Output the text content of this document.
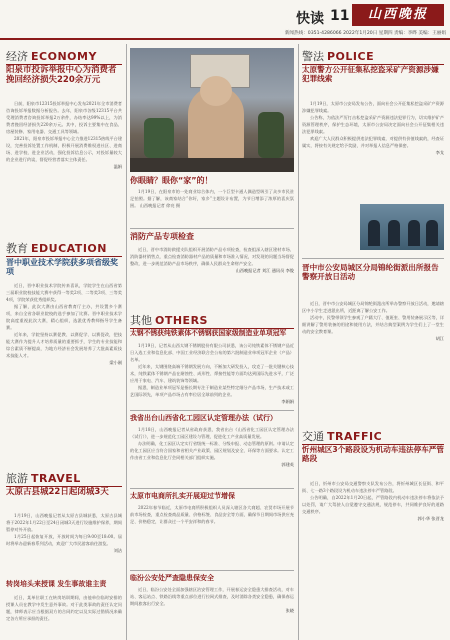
快读 11	山西晚报
新闻热线：0351-4286066 2022年1月20日 星期四 责编：李晔 美编：王丽娟
经济 ECONOMY
阳泉市投诉举报中心为消费者挽回经济损失220余万元

日前，阳泉市12315投诉举报中心发布2021年全市消费者咨询投诉举报数据分析报告。去年，阳泉市各级12315平台共受理消费者咨询投诉举报2万余件，办结率达99%以上，为消费者挽回经济损失220余万元。其中，投诉主要集中在食品、房屋装修、家用电器、交通工具等领域。

2021年，阳泉市投诉举报中心全力推进12315热线平台建设，完善投诉处置工作机制，积极开展消费维权进社区、进商场、进学校、进企业活动，强化投诉信息公示，对投诉量较大的企业进行约谈，督促经营者落实主体责任。

温娟
教育 EDUCATION
晋中职业技术学院获多项省级奖项

近日，晋中职业技术学院传来喜讯，学院学生在山西省第三届职业院校技能大赛中获得一等奖2项、二等奖3项、三等奖4项，学院荣获优秀组织奖。

据了解，此次大赛由山西省教育厅主办，共设置多个赛项，来自全省各职业院校的选手参加了比赛。晋中职业技术学院高度重视此次大赛，精心组织，选派优秀教师指导学生备赛。

近年来，学院坚持以赛促教、以赛促学、以赛促改，把技能大赛作为提升人才培养质量的重要抓手，学生的专业技能和综合素质不断提高，为地方经济社会发展培养了大批高素质技术技能人才。

梁小刚
旅游 TRAVEL
太原古县城22日起闭城3天

1月19日，山西晚报记者从太原古县城获悉，太原古县城将于2022年1月22日至24日闭城3天进行设施维护保养，期间暂停对外开放。

1月25日起恢复开放，开放时间为每日9:00至18:00。届时将举办迎新春系列活动，欢迎广大市民游客前往游览。

刘洁
转岗培头来授课 发生事故谁主责

近日，某单位职工在转岗培训期间，由他单位临时安排的授课人员在教学中发生意外事故。对于此类事故的责任认定问题，律师表示应当根据双方的合同约定以及实际过错情况来确定各方所应承担的责任。

你眼睛？眼你“家”的！

1月19日，在阳泉市的一处商业综合体内，一个巨型卡通人偶造型吸引了众多市民驻足拍照。据了解，该商家结合“你好，家乡”主题设计布置，为节日增添了浓厚的喜庆氛围。 山西晚报记者 徐亮 摄

消防产品专项检查

近日，晋中市消防救援支队组织开展消防产品专项检查，检查组深入辖区建材市场、消防器材销售点，重点检查消防器材产品的质量和市场准入情况，对发现的问题当场督促整改，进一步规范消防产品市场秩序，确保人民群众生命财产安全。

山西晚报记者 刘江 通讯员 李俊
其他 OTHERS
太钢不锈获纯铁素体不锈钢获国家级制造业单项冠军

1月19日，记者从山西太钢不锈钢股份有限公司获悉，该公司纯铁素体不锈钢产品近日入选工业和信息化部、中国工业经济联合会公布的第六批制造业单项冠军企业（产品）名单。

近年来，太钢围绕高端不锈钢发展方向，不断加大研发投入，攻克了一批关键核心技术，纯铁素体不锈钢产品在耐蚀性、成形性、焊接性能等方面均达到国际先进水平，广泛应用于家电、汽车、建筑装饰等领域。

据悉，制造业单项冠军是指长期专注于制造业某些特定细分产品市场，生产技术或工艺国际领先，单项产品市场占有率位居全球前列的企业。

李娟娟
我省出台山西省化工园区认定管理办法（试行）

1月18日，山西晚报记者从省政府获悉，我省出台《山西省化工园区认定管理办法（试行）》，进一步规范化工园区建设与管理，促进化工产业高质量发展。

办法明确，化工园区认定实行省级统一标准、分级申报、动态管理的原则。申请认定的化工园区应当符合国家和省相关产业政策、园区规划及安全、环保等方面要求。认定工作由省工业和信息化厅会同相关部门组织实施。

郭建英
太原市电商所扎实开展迎过节增保

2022年春节临近，太原市电商所积极组织人员深入辖区各大商超、农贸市场开展节前市场检查，重点检查商品质量、价格标签、食品安全等方面，确保节日期间市场供应充足、价格稳定，让群众过一个平安祥和的春节。

临汾公安处严查隐患保安全

近日，临汾公安处全面加强辖区治安管理工作，开展春运安全隐患大排查活动，对车站、客运站点、铁路沿线等重点部位进行拉网式排查，及时消除各类安全隐患，确保春运期间旅客出行安全。

张晓
警法 POLICE
太原警方公开征集私挖盗采矿产资源涉嫌犯罪线索

1月19日，太原市公安局发布公告，面向社会公开征集私挖盗采矿产资源涉嫌犯罪线索。

公告称，为依法严厉打击私挖盗采矿产资源违法犯罪行为，切实维护矿产资源管理秩序，保护生态环境，太原市公安局决定面向社会公开征集相关违法犯罪线索。

欢迎广大人民群众积极提供违法犯罪线索，对提供有价值线索的，经查证属实，将按有关规定给予奖励，并对举报人信息严格保密。

李戈
晋中市公安局城区分局锦纶街派出所报告警察开放日活动

近日，晋中市公安局城区分局锦纶街派出所举办警察开放日活动，邀请辖区中小学生走进派出所，近距离了解公安工作。

活动中，民警带领学生参观了户籍大厅、值班室、警用装备展示区等，详细讲解了警用装备的用途和使用方法，并结合典型案例为学生们上了一堂生动的安全教育课。

胡江
交通 TRAFFIC
忻州城区3个路段设为机动车违法停车严管路段

近日，忻州市公安局交通警察支队发布公告，将忻州城区长征街、和平街、七一路3个路段设为机动车违法停车严管路段。

公告明确，自2022年1月20日起，严管路段内机动车违法停车将依法予以处罚，请广大驾驶人自觉遵守交通法规，规范停车，共同维护良好的道路交通秩序。

郭小华 张晋龙
